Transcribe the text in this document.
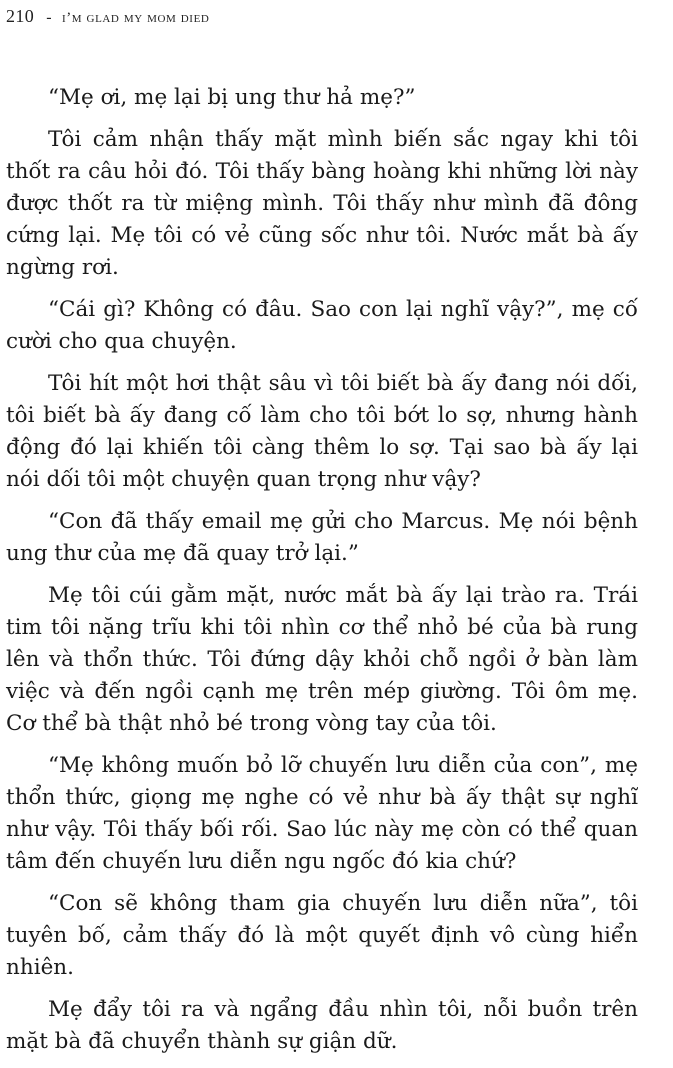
210 - i’m glad my mom died

“Mẹ ơi, mẹ lại bị ung thư hả mẹ?”

Tôi cảm nhận thấy mặt mình biến sắc ngay khi tôi thốt ra câu hỏi đó. Tôi thấy bàng hoàng khi những lời này được thốt ra từ miệng mình. Tôi thấy như mình đã đông cứng lại. Mẹ tôi có vẻ cũng sốc như tôi. Nước mắt bà ấy ngừng rơi.

“Cái gì? Không có đâu. Sao con lại nghĩ vậy?”, mẹ cố cười cho qua chuyện.

Tôi hít một hơi thật sâu vì tôi biết bà ấy đang nói dối, tôi biết bà ấy đang cố làm cho tôi bớt lo sợ, nhưng hành động đó lại khiến tôi càng thêm lo sợ. Tại sao bà ấy lại nói dối tôi một chuyện quan trọng như vậy?

“Con đã thấy email mẹ gửi cho Marcus. Mẹ nói bệnh ung thư của mẹ đã quay trở lại.”

Mẹ tôi cúi gằm mặt, nước mắt bà ấy lại trào ra. Trái tim tôi nặng trĩu khi tôi nhìn cơ thể nhỏ bé của bà rung lên và thổn thức. Tôi đứng dậy khỏi chỗ ngồi ở bàn làm việc và đến ngồi cạnh mẹ trên mép giường. Tôi ôm mẹ. Cơ thể bà thật nhỏ bé trong vòng tay của tôi.

“Mẹ không muốn bỏ lỡ chuyến lưu diễn của con”, mẹ thổn thức, giọng mẹ nghe có vẻ như bà ấy thật sự nghĩ như vậy. Tôi thấy bối rối. Sao lúc này mẹ còn có thể quan tâm đến chuyến lưu diễn ngu ngốc đó kia chứ?

“Con sẽ không tham gia chuyến lưu diễn nữa”, tôi tuyên bố, cảm thấy đó là một quyết định vô cùng hiển nhiên.

Mẹ đẩy tôi ra và ngẩng đầu nhìn tôi, nỗi buồn trên mặt bà đã chuyển thành sự giận dữ.
